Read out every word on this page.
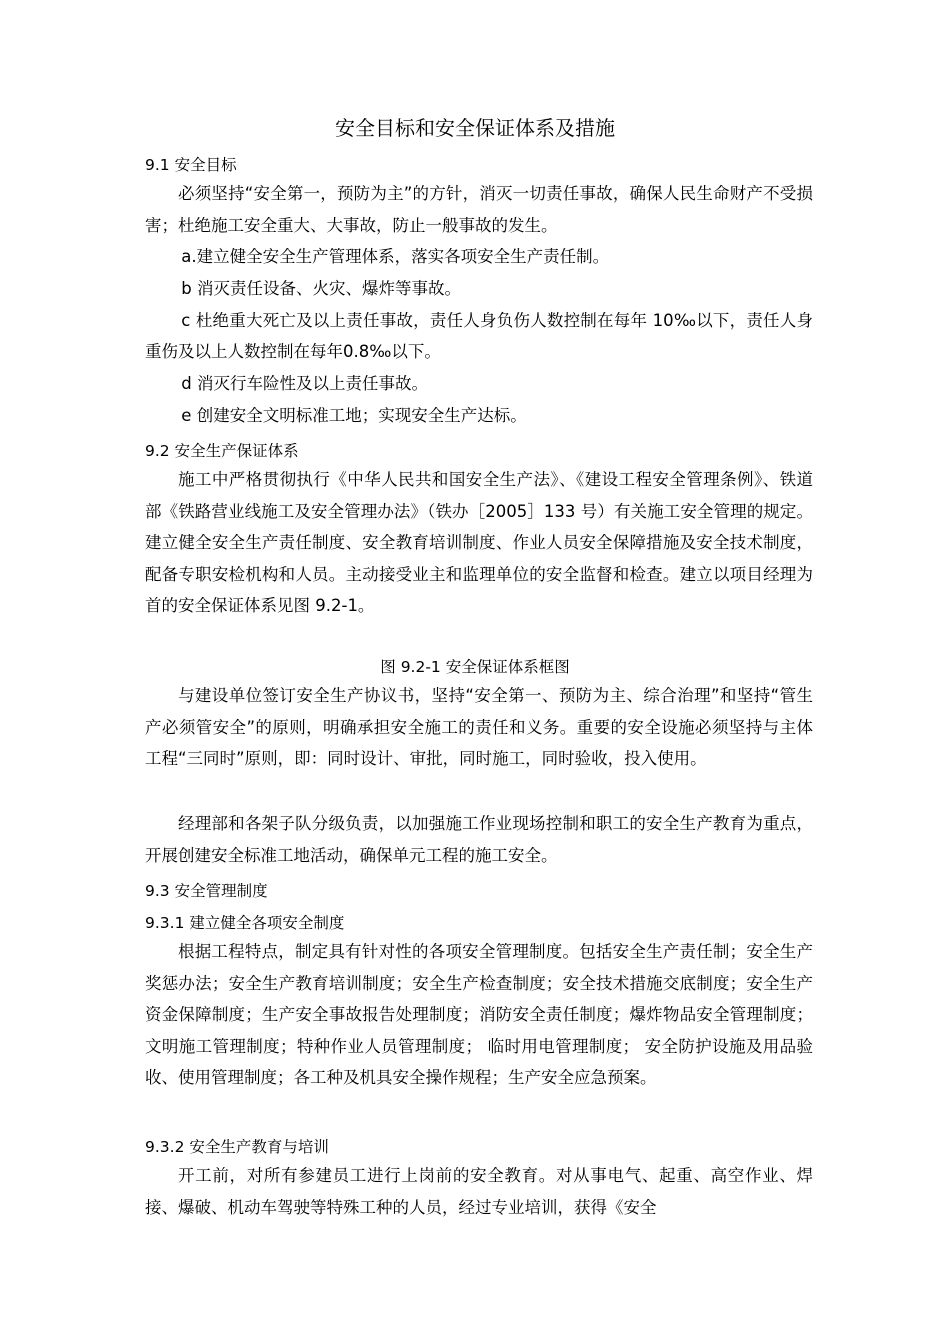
安全目标和安全保证体系及措施
9.1 安全目标

必须坚持“安全第一，预防为主”的方针，消灭一切责任事故，确保人民生命财产不受损害；杜绝施工安全重大、大事故，防止一般事故的发生。

a.建立健全安全生产管理体系，落实各项安全生产责任制。

b 消灭责任设备、火灾、爆炸等事故。

c 杜绝重大死亡及以上责任事故，责任人身负伤人数控制在每年 10‰以下，责任人身重伤及以上人数控制在每年0.8‰以下。

d 消灭行车险性及以上责任事故。

e 创建安全文明标准工地；实现安全生产达标。

9.2 安全生产保证体系

施工中严格贯彻执行《中华人民共和国安全生产法》、《建设工程安全管理条例》、铁道部《铁路营业线施工及安全管理办法》（铁办［2005］133 号）有关施工安全管理的规定。建立健全安全生产责任制度、安全教育培训制度、作业人员安全保障措施及安全技术制度，配备专职安检机构和人员。主动接受业主和监理单位的安全监督和检查。建立以项目经理为首的安全保证体系见图 9.2-1。

图 9.2-1 安全保证体系框图

与建设单位签订安全生产协议书，坚持“安全第一、预防为主、综合治理”和坚持“管生产必须管安全”的原则，明确承担安全施工的责任和义务。重要的安全设施必须坚持与主体工程“三同时”原则，即：同时设计、审批，同时施工，同时验收，投入使用。

经理部和各架子队分级负责，以加强施工作业现场控制和职工的安全生产教育为重点，开展创建安全标准工地活动，确保单元工程的施工安全。

9.3 安全管理制度
9.3.1 建立健全各项安全制度

根据工程特点，制定具有针对性的各项安全管理制度。包括安全生产责任制；安全生产奖惩办法；安全生产教育培训制度；安全生产检查制度；安全技术措施交底制度；安全生产资金保障制度；生产安全事故报告处理制度；消防安全责任制度；爆炸物品安全管理制度；文明施工管理制度；特种作业人员管理制度； 临时用电管理制度； 安全防护设施及用品验收、使用管理制度；各工种及机具安全操作规程；生产安全应急预案。

9.3.2 安全生产教育与培训

开工前，对所有参建员工进行上岗前的安全教育。对从事电气、起重、高空作业、焊接、爆破、机动车驾驶等特殊工种的人员，经过专业培训，获得《安全
